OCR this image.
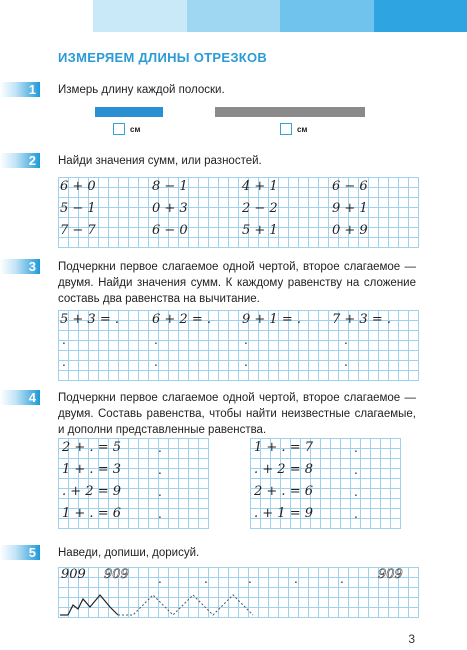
ИЗМЕРЯЕМ ДЛИНЫ ОТРЕЗКОВ
1 Измерь длину каждой полоски.
см	см
2 Найди значения сумм, или разностей.
6 + 0	8 − 1	4 + 1	6 − 6
5 − 1	0 + 3	2 − 2	9 + 1
7 − 7	6 − 0	5 + 1	0 + 9
3 Подчеркни первое слагаемое одной чертой, второе слагаемое — двумя. Найди значения сумм. К каждому равенству на сложение составь два равенства на вычитание.
5 + 3 = .	6 + 2 = . 9 + 1 = . 7 + 3 = .
.	.	.	.
.	.	.	.
4 Подчеркни первое слагаемое одной чертой, второе слагаемое — двумя. Составь равенства, чтобы найти неизвестные слагаемые, и дополни представленные равенства.
2 + . = 5	.
1 + . = 3	.
. + 2 = 9	.
1 + . = 6	.
1 + . = 7	.
. + 2 = 8	.
2 + . = 6	.
. + 1 = 9	.
5 Наведи, допиши, дорисуй.
909 909 .	.	.	.	.	909
3
